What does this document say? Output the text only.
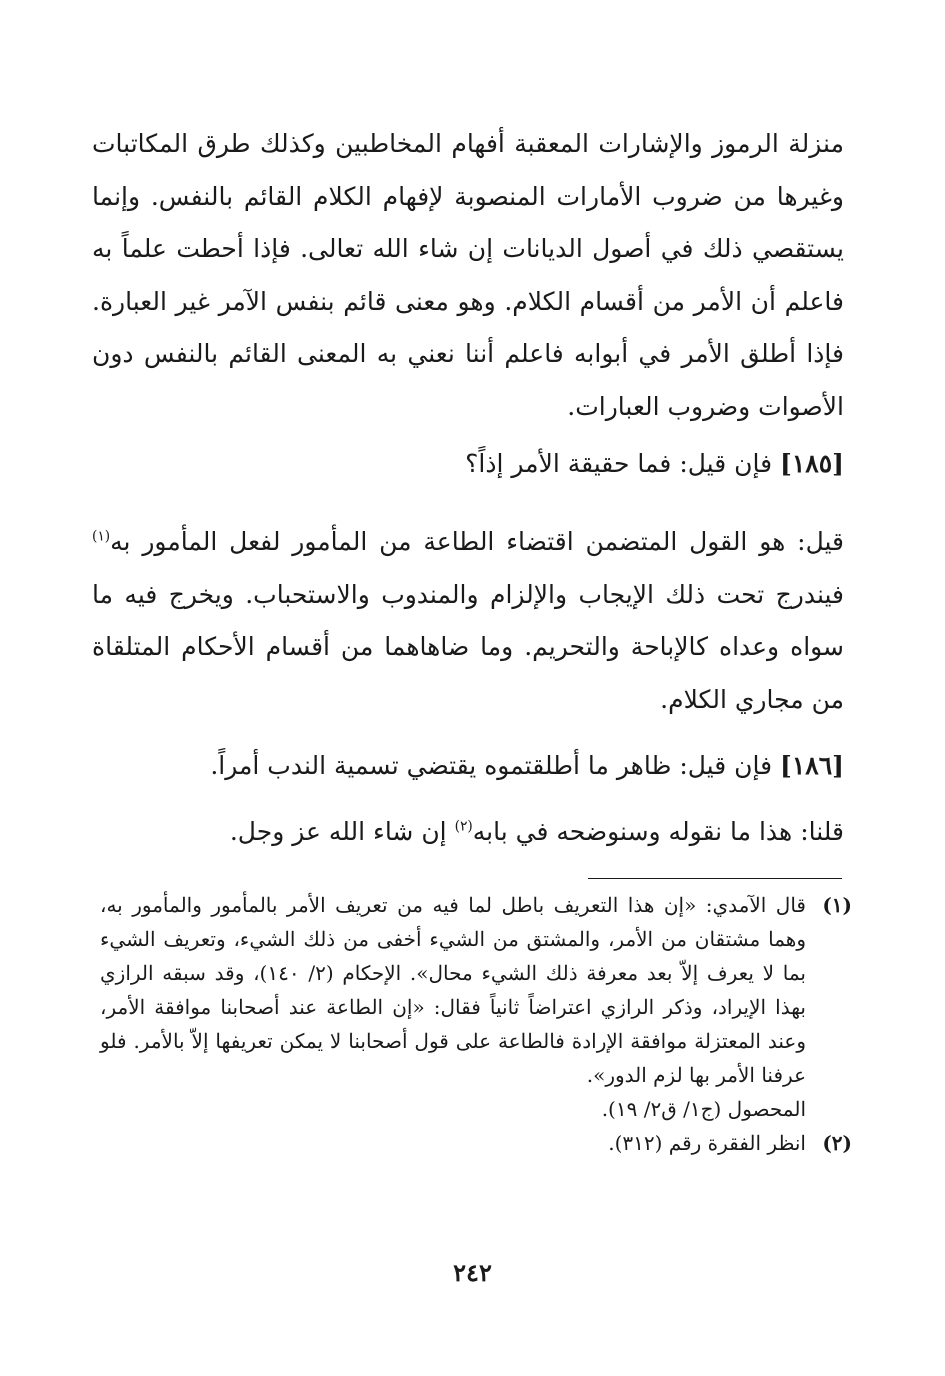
منزلة الرموز والإشارات المعقبة أفهام المخاطبين وكذلك طرق المكاتبات وغيرها من ضروب الأمارات المنصوبة لإفهام الكلام القائم بالنفس. وإنما يستقصي ذلك في أصول الديانات إن شاء الله تعالى. فإذا أحطت علماً به فاعلم أن الأمر من أقسام الكلام. وهو معنى قائم بنفس الآمر غير العبارة. فإذا أطلق الأمر في أبوابه فاعلم أننا نعني به المعنى القائم بالنفس دون الأصوات وضروب العبارات.

[١٨٥] فإن قيل: فما حقيقة الأمر إذاً؟

قيل: هو القول المتضمن اقتضاء الطاعة من المأمور لفعل المأمور به$^{(١)}$ فيندرج تحت ذلك الإيجاب والإلزام والمندوب والاستحباب. ويخرج فيه ما سواه وعداه كالإباحة والتحريم. وما ضاهاهما من أقسام الأحكام المتلقاة من مجاري الكلام.

[١٨٦] فإن قيل: ظاهر ما أطلقتموه يقتضي تسمية الندب أمراً.

قلنا: هذا ما نقوله وسنوضحه في بابه$^{(٢)}$ إن شاء الله عز وجل.

(١)
قال الآمدي: «إن هذا التعريف باطل لما فيه من تعريف الأمر بالمأمور والمأمور به، وهما مشتقان من الأمر، والمشتق من الشيء أخفى من ذلك الشيء، وتعريف الشيء بما لا يعرف إلاّ بعد معرفة ذلك الشيء محال». الإحكام (٢/ ١٤٠)، وقد سبقه الرازي بهذا الإيراد، وذكر الرازي اعتراضاً ثانياً فقال: «إن الطاعة عند أصحابنا موافقة الأمر، وعند المعتزلة موافقة الإرادة فالطاعة على قول أصحابنا لا يمكن تعريفها إلاّ بالأمر. فلو عرفنا الأمر بها لزم الدور».

المحصول (ج١/ ق٢/ ١٩).

(٢)
انظر الفقرة رقم (٣١٢).

٢٤٢
